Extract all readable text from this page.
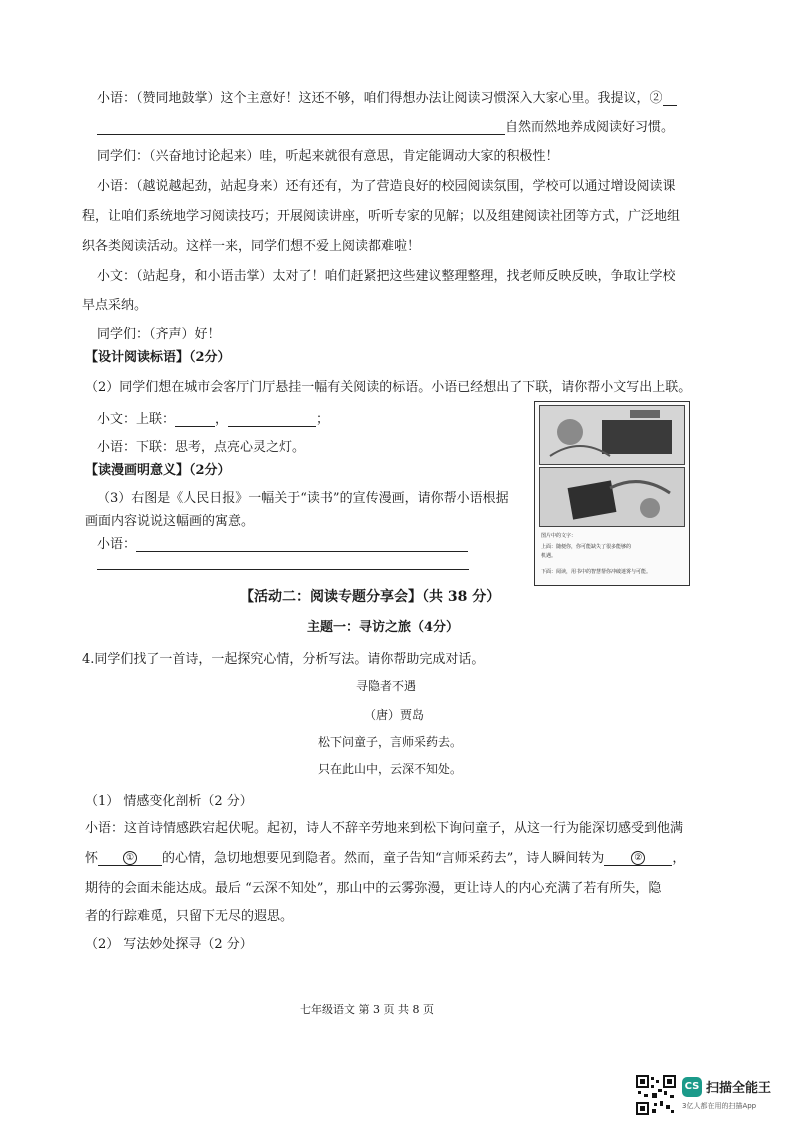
小语：（赞同地鼓掌）这个主意好！这还不够，咱们得想办法让阅读习惯深入大家心里。我提议，②
自然而然地养成阅读好习惯。
同学们：（兴奋地讨论起来）哇，听起来就很有意思，肯定能调动大家的积极性！
小语：（越说越起劲，站起身来）还有还有，为了营造良好的校园阅读氛围，学校可以通过增设阅读课
程，让咱们系统地学习阅读技巧；开展阅读讲座，听听专家的见解；以及组建阅读社团等方式，广泛地组
织各类阅读活动。这样一来，同学们想不爱上阅读都难啦！
小文：（站起身，和小语击掌）太对了！咱们赶紧把这些建议整理整理，找老师反映反映，争取让学校
早点采纳。
同学们：（齐声）好！
【设计阅读标语】（2分）
（2）同学们想在城市会客厅门厅悬挂一幅有关阅读的标语。小语已经想出了下联，请你帮小文写出上联。
小文：上联：	，	；
小语：下联：思考，点亮心灵之灯。
【读漫画明意义】（2分）
（3）右图是《人民日报》一幅关于“读书”的宣传漫画，请你帮小语根据
画面内容说说这幅画的寓意。
小语：
图片中的文字：
上面：随便你，你可能缺失了很多能够的
机遇。
下面：阅读，用书中的智慧帮你冲破迷雾与可能。
【活动二：阅读专题分享会】（共 38 分）
主题一：寻访之旅（4分）
4.同学们找了一首诗，一起探究心情，分析写法。请你帮助完成对话。
寻隐者不遇
（唐）贾岛
松下问童子，言师采药去。
只在此山中，云深不知处。
（1） 情感变化剖析（2 分）
小语：这首诗情感跌宕起伏呢。起初，诗人不辞辛劳地来到松下询问童子，从这一行为能深切感受到他满
怀	① 的心情，急切地想要见到隐者。然而，童子告知“言师采药去”，诗人瞬间转为	② ，
期待的会面未能达成。最后 “云深不知处”，那山中的云雾弥漫，更让诗人的内心充满了若有所失，隐
者的行踪难觅，只留下无尽的遐思。
（2） 写法妙处探寻（2 分）
七年级语文 第 3 页 共 8 页
CS 扫描全能王
3亿人都在用的扫描App
